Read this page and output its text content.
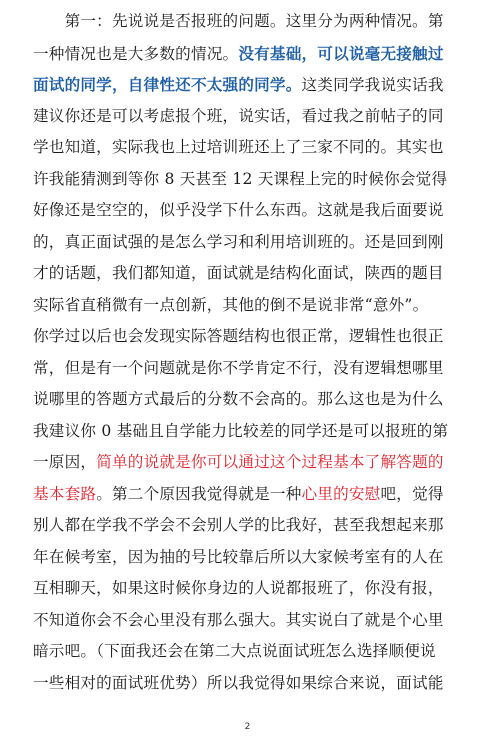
　　第一：先说说是否报班的问题。这里分为两种情况。第
一种情况也是大多数的情况。没有基础，可以说毫无接触过
面试的同学，自律性还不太强的同学。这类同学我说实话我
建议你还是可以考虑报个班，说实话，看过我之前帖子的同
学也知道，实际我也上过培训班还上了三家不同的。其实也
许我能猜测到等你 8 天甚至 12 天课程上完的时候你会觉得
好像还是空空的，似乎没学下什么东西。这就是我后面要说
的，真正面试强的是怎么学习和利用培训班的。还是回到刚
才的话题，我们都知道，面试就是结构化面试，陕西的题目
实际省直稍微有一点创新，其他的倒不是说非常“意外”。
你学过以后也会发现实际答题结构也很正常，逻辑性也很正
常，但是有一个问题就是你不学肯定不行，没有逻辑想哪里
说哪里的答题方式最后的分数不会高的。那么这也是为什么
我建议你 0 基础且自学能力比较差的同学还是可以报班的第
一原因，简单的说就是你可以通过这个过程基本了解答题的
基本套路。第二个原因我觉得就是一种心里的安慰吧，觉得
别人都在学我不学会不会别人学的比我好，甚至我想起来那
年在候考室，因为抽的号比较靠后所以大家候考室有的人在
互相聊天，如果这时候你身边的人说都报班了，你没有报，
不知道你会不会心里没有那么强大。其实说白了就是个心里
暗示吧。（下面我还会在第二大点说面试班怎么选择顺便说
一些相对的面试班优势）所以我觉得如果综合来说，面试能
2
